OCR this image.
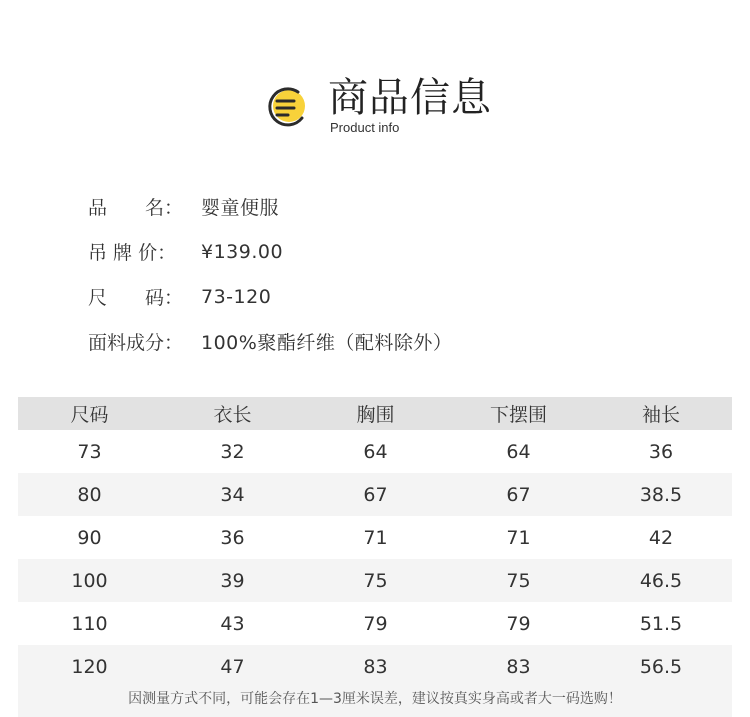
商品信息
Product info
品　　名： 婴童便服
吊 牌 价：	¥139.00
尺　　码： 73-120
面料成分： 100%聚酯纤维（配料除外）
尺码	衣长	胸围	下摆围	袖长
73	32	64	64	36
80	34	67	67	38.5
90	36	71	71	42
100	39	75	75	46.5
110	43	79	79	51.5
120	47	83	83	56.5
因测量方式不同，可能会存在1—3厘米误差，建议按真实身高或者大一码选购！
